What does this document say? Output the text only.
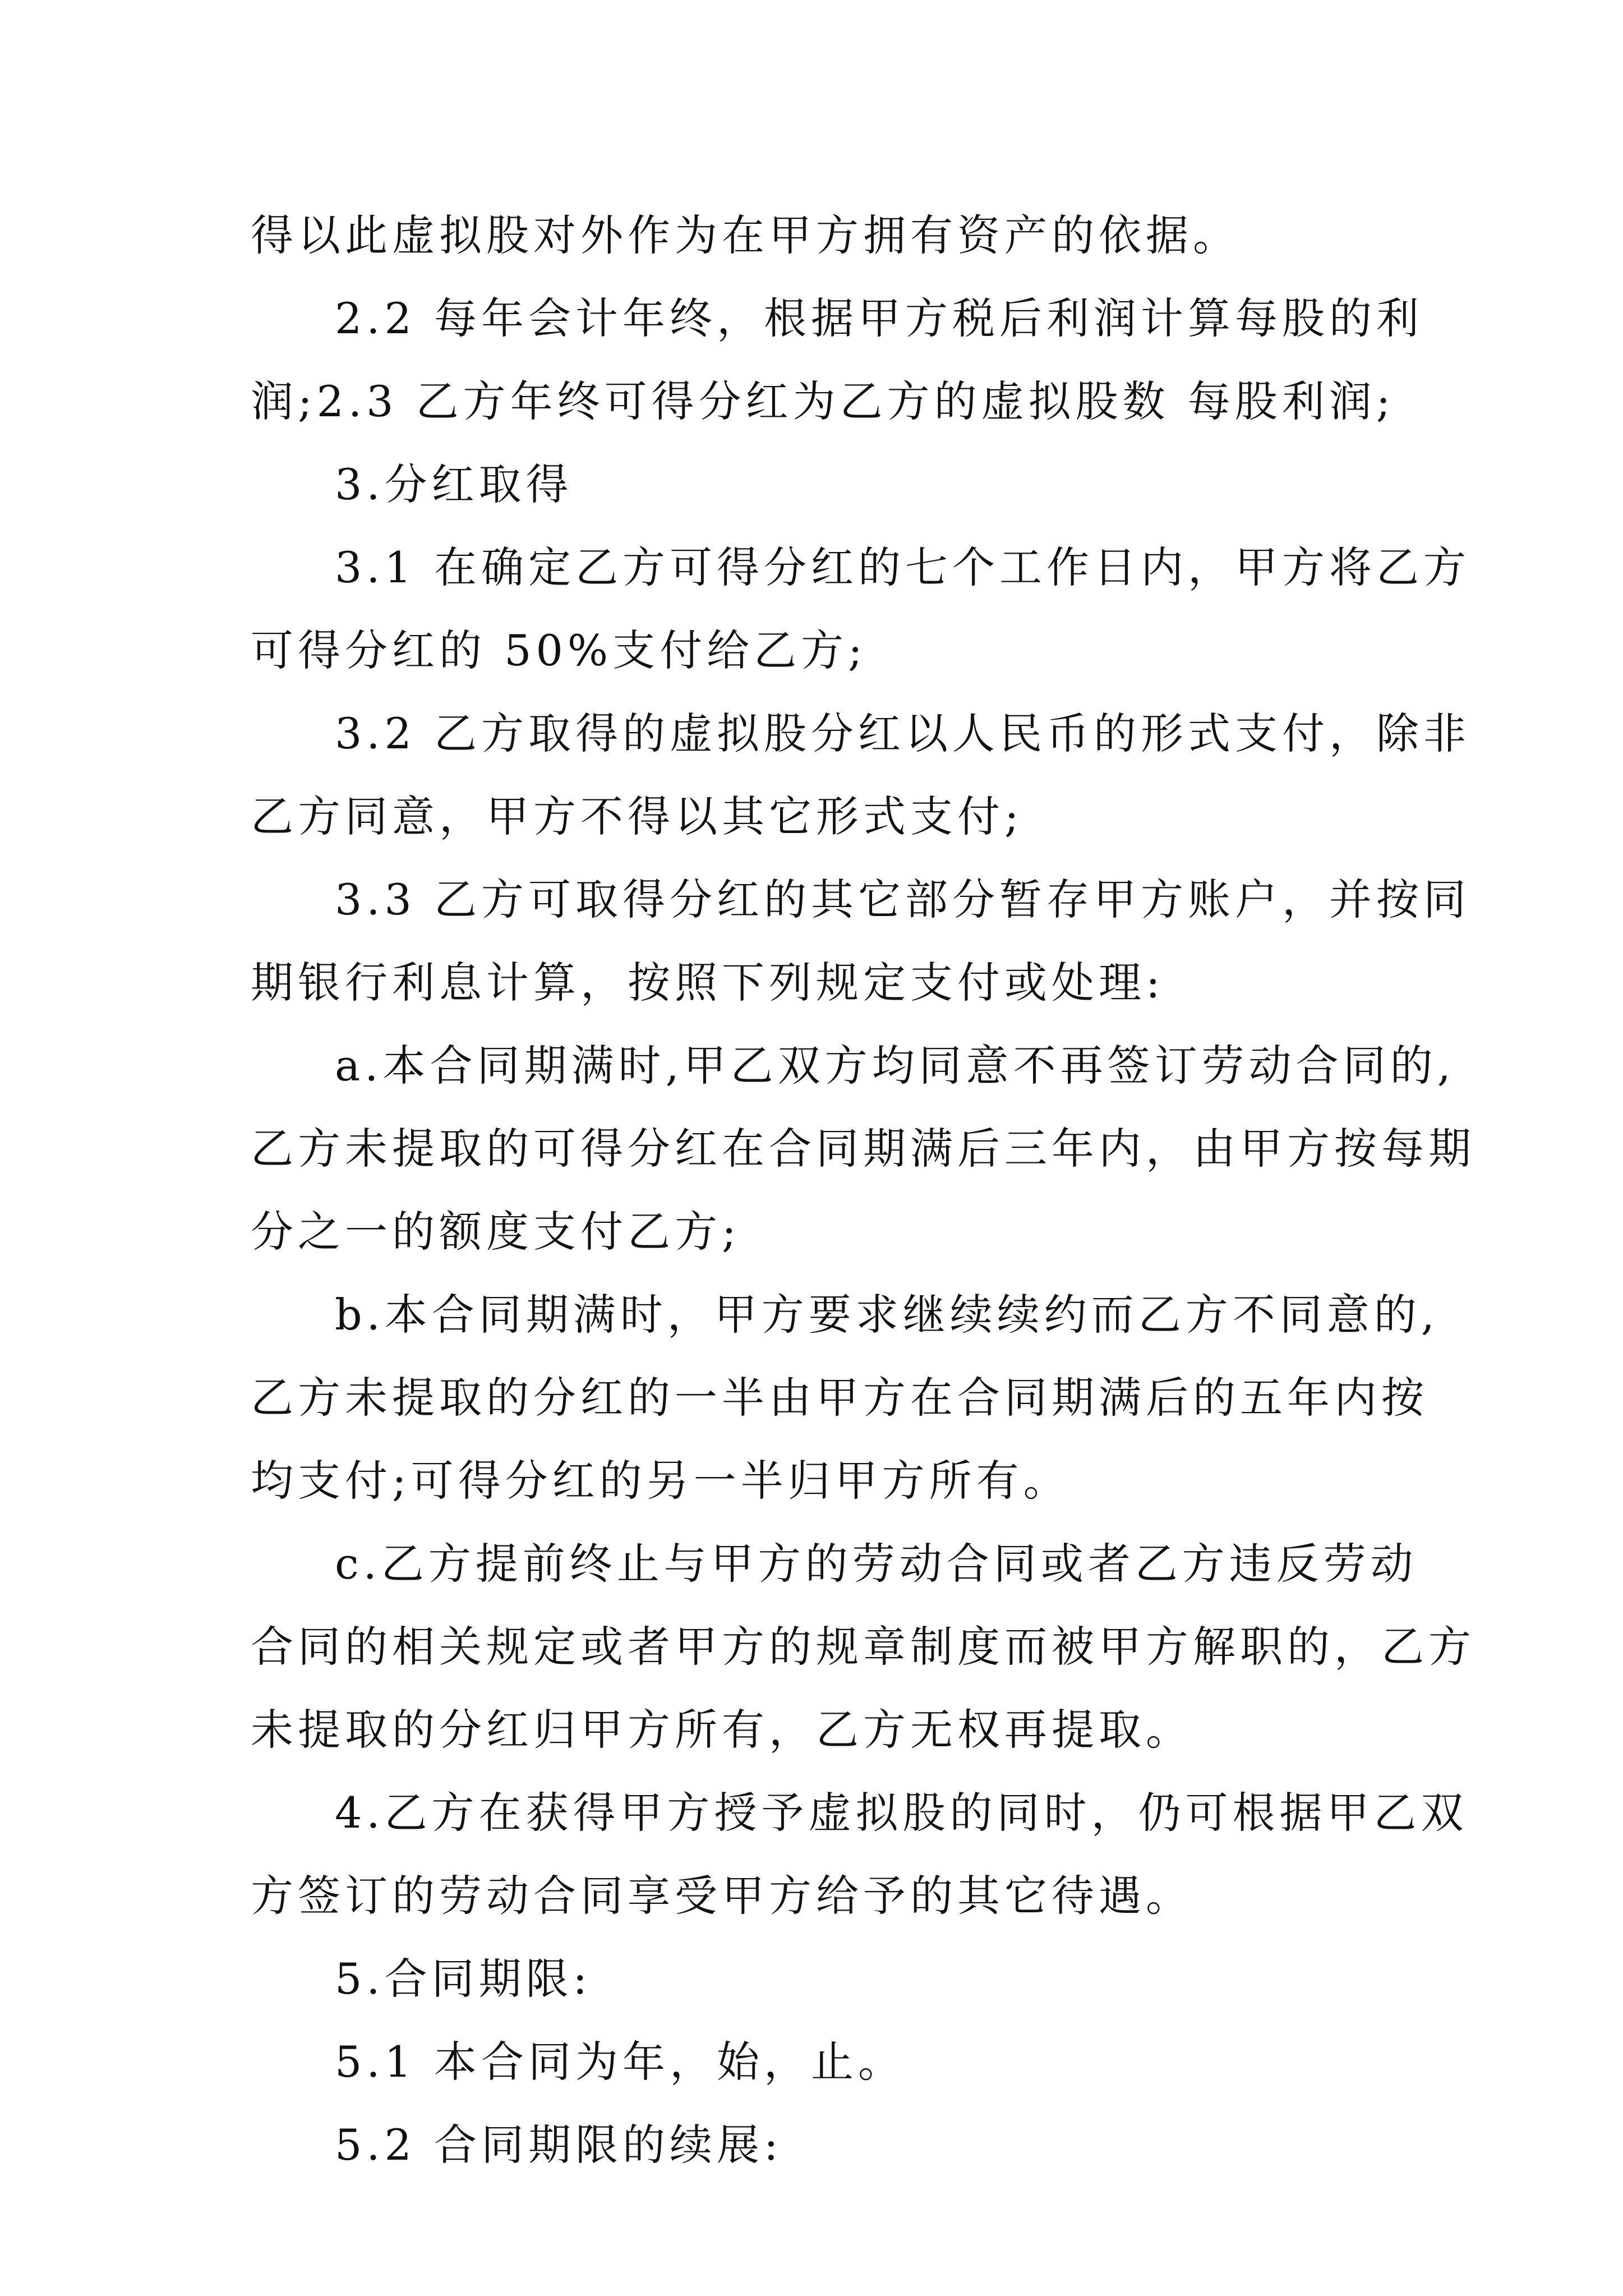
得以此虚拟股对外作为在甲方拥有资产的依据。
2.2 每年会计年终，根据甲方税后利润计算每股的利
润;2.3 乙方年终可得分红为乙方的虚拟股数 每股利润;
3.分红取得
3.1 在确定乙方可得分红的七个工作日内，甲方将乙方
可得分红的 50%支付给乙方;
3.2 乙方取得的虚拟股分红以人民币的形式支付，除非
乙方同意，甲方不得以其它形式支付;
3.3 乙方可取得分红的其它部分暂存甲方账户，并按同
期银行利息计算，按照下列规定支付或处理:
a.本合同期满时,甲乙双方均同意不再签订劳动合同的,
乙方未提取的可得分红在合同期满后三年内，由甲方按每期
分之一的额度支付乙方;
b.本合同期满时，甲方要求继续续约而乙方不同意的,
乙方未提取的分红的一半由甲方在合同期满后的五年内按
均支付;可得分红的另一半归甲方所有。
c.乙方提前终止与甲方的劳动合同或者乙方违反劳动
合同的相关规定或者甲方的规章制度而被甲方解职的，乙方
未提取的分红归甲方所有，乙方无权再提取。
4.乙方在获得甲方授予虚拟股的同时，仍可根据甲乙双
方签订的劳动合同享受甲方给予的其它待遇。
5.合同期限:
5.1 本合同为年，始，止。
5.2 合同期限的续展:
